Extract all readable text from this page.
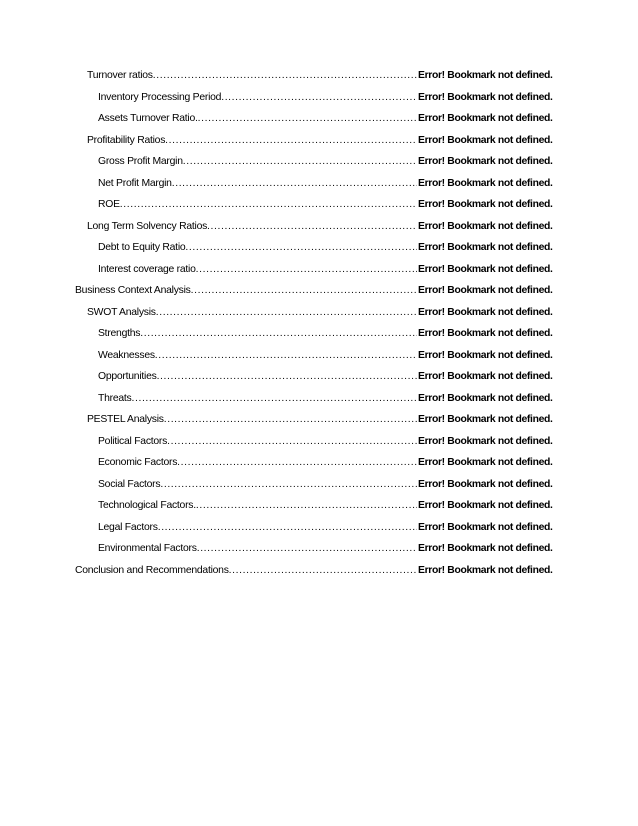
Turnover ratios .....	Error! Bookmark not defined.
Inventory Processing Period .....	Error! Bookmark not defined.
Assets Turnover Ratio. .....	Error! Bookmark not defined.
Profitability Ratios .....	Error! Bookmark not defined.
Gross Profit Margin .....	Error! Bookmark not defined.
Net Profit Margin .....	Error! Bookmark not defined.
ROE .....	Error! Bookmark not defined.
Long Term Solvency Ratios .....	Error! Bookmark not defined.
Debt to Equity Ratio .....	Error! Bookmark not defined.
Interest coverage ratio .....	Error! Bookmark not defined.
Business Context Analysis .....	Error! Bookmark not defined.
SWOT Analysis .....	Error! Bookmark not defined.
Strengths .....	Error! Bookmark not defined.
Weaknesses .....	Error! Bookmark not defined.
Opportunities .....	Error! Bookmark not defined.
Threats .....	Error! Bookmark not defined.
PESTEL Analysis .....	Error! Bookmark not defined.
Political Factors .....	Error! Bookmark not defined.
Economic Factors .....	Error! Bookmark not defined.
Social Factors .....	Error! Bookmark not defined.
Technological Factors. .....	Error! Bookmark not defined.
Legal Factors .....	Error! Bookmark not defined.
Environmental Factors .....	Error! Bookmark not defined.
Conclusion and Recommendations .....	Error! Bookmark not defined.
